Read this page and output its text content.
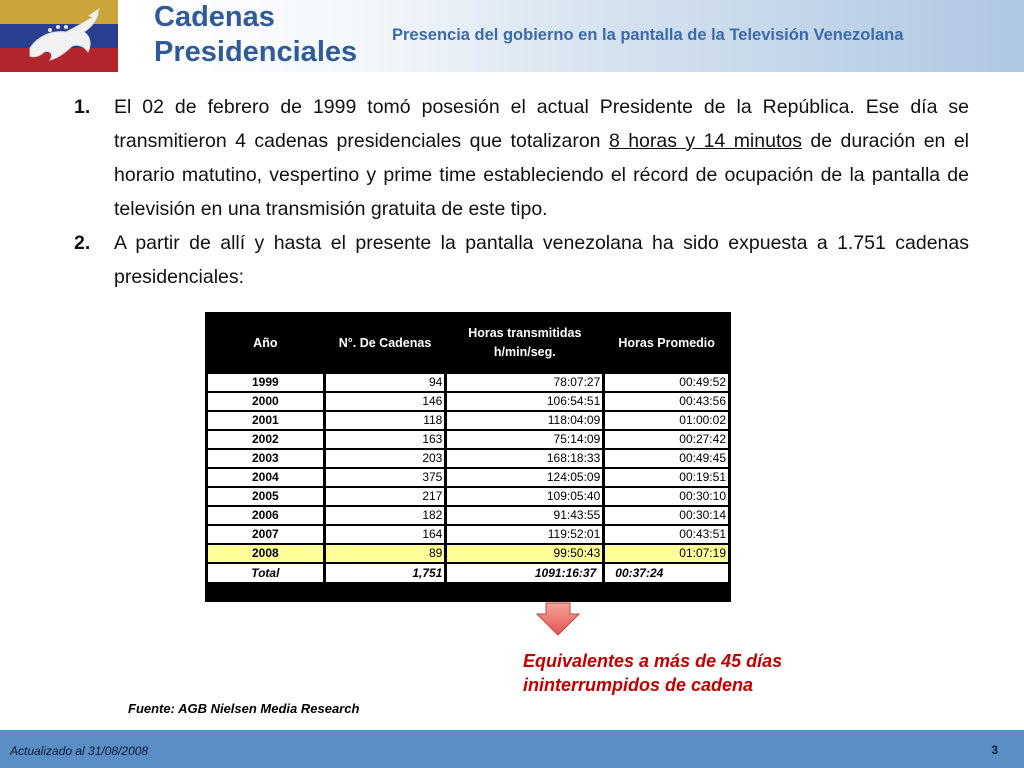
Cadenas
Presidenciales
Presencia del gobierno en la pantalla de la Televisión Venezolana
1. El 02 de febrero de 1999 tomó posesión el actual Presidente de la República. Ese día se transmitieron 4 cadenas presidenciales que totalizaron 8 horas y 14 minutos de duración en el horario matutino, vespertino y prime time estableciendo el récord de ocupación de la pantalla de televisión en una transmisión gratuita de este tipo.
2. A partir de allí y hasta el presente la pantalla venezolana ha sido expuesta a 1.751 cadenas presidenciales:
Año	N°. De Cadenas	Horas transmitidas h/min/seg.	Horas Promedio
1999	94	78:07:27	00:49:52
2000	146	106:54:51	00:43:56
2001	118	118:04:09	01:00:02
2002	163	75:14:09	00:27:42
2003	203	168:18:33	00:49:45
2004	375	124:05:09	00:19:51
2005	217	109:05:40	00:30:10
2006	182	91:43:55	00:30:14
2007	164	119:52:01	00:43:51
2008	89	99:50:43	01:07:19
Total	1,751	1091:16:37	00:37:24
Equivalentes a más de 45 días
ininterrumpidos de cadena
Fuente: AGB Nielsen Media Research
Actualizado al 31/08/2008	3
